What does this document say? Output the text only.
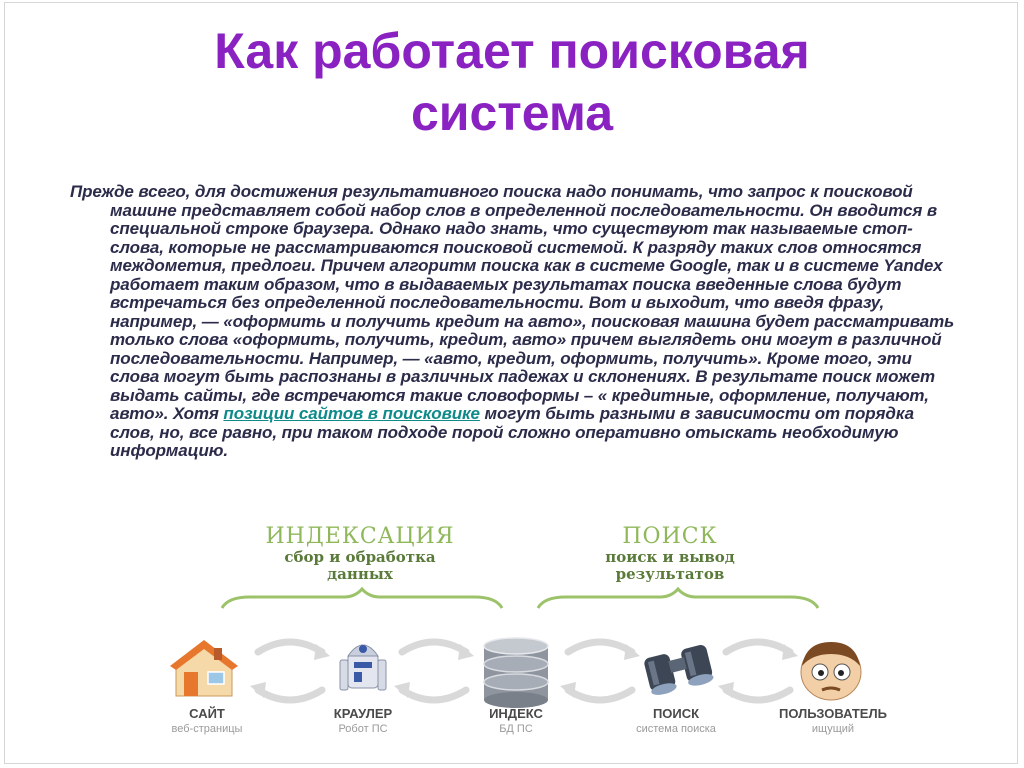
Как работает поисковая
система

Прежде всего, для достижения результативного поиска надо понимать, что запрос к поисковой машине представляет собой набор слов в определенной последовательности. Он вводится в специальной строке браузера. Однако надо знать, что существуют так называемые стоп-слова, которые не рассматриваются поисковой системой. К разряду таких слов относятся междометия, предлоги. Причем алгоритм поиска как в системе Google, так и в системе Yandex работает таким образом, что в выдаваемых результатах поиска введенные слова будут встречаться без определенной последовательности. Вот и выходит, что введя фразу, например, — «оформить и получить кредит на авто», поисковая машина будет рассматривать только слова «оформить, получить, кредит, авто» причем выглядеть они могут в различной последовательности. Например, — «авто, кредит, оформить, получить». Кроме того, эти слова могут быть распознаны в различных падежах и склонениях. В результате поиск может выдать сайты, где встречаются такие словоформы – « кредитные, оформление, получают, авто». Хотя позиции сайтов в поисковике могут быть разными в зависимости от порядка слов, но, все равно, при таком подходе порой сложно оперативно отыскать необходимую информацию.

ИНДЕКСАЦИЯ
сбор и обработка
данных
ПОИСК
поиск и вывод
результатов
САЙТ
веб-страницы
КРАУЛЕР
Робот ПС
ИНДЕКС
БД ПС
ПОИСК
система поиска
ПОЛЬЗОВАТЕЛЬ
ищущий
